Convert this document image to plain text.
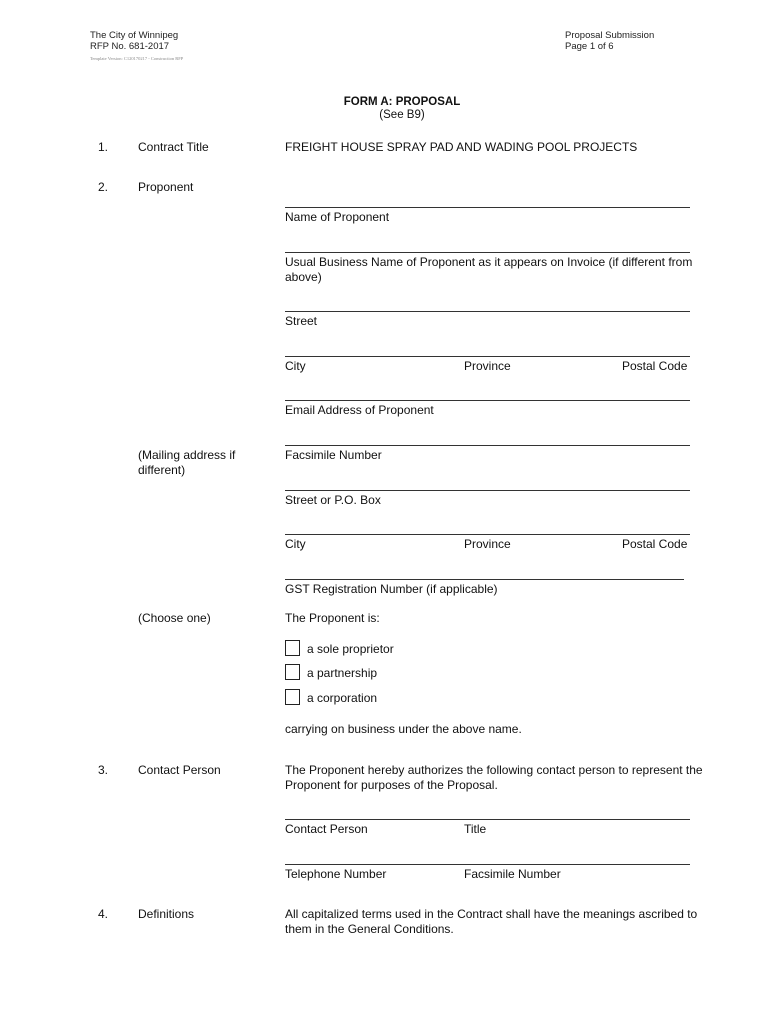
The City of Winnipeg
RFP No. 681-2017
Template Version: C120170217 - Construction RFP
Proposal Submission
Page 1 of 6
FORM A: PROPOSAL
(See B9)
1. Contract Title	FREIGHT HOUSE SPRAY PAD AND WADING POOL PROJECTS
2. Proponent
Name of Proponent
Usual Business Name of Proponent as it appears on Invoice (if different from above)
Street
City	Province	Postal Code
Email Address of Proponent
(Mailing address if different)
Facsimile Number
Street or P.O. Box
City	Province	Postal Code
GST Registration Number (if applicable)
(Choose one)	The Proponent is:
a sole proprietor
a partnership
a corporation
carrying on business under the above name.
3. Contact Person	The Proponent hereby authorizes the following contact person to represent the Proponent for purposes of the Proposal.
Contact Person	Title
Telephone Number	Facsimile Number
4. Definitions	All capitalized terms used in the Contract shall have the meanings ascribed to them in the General Conditions.
